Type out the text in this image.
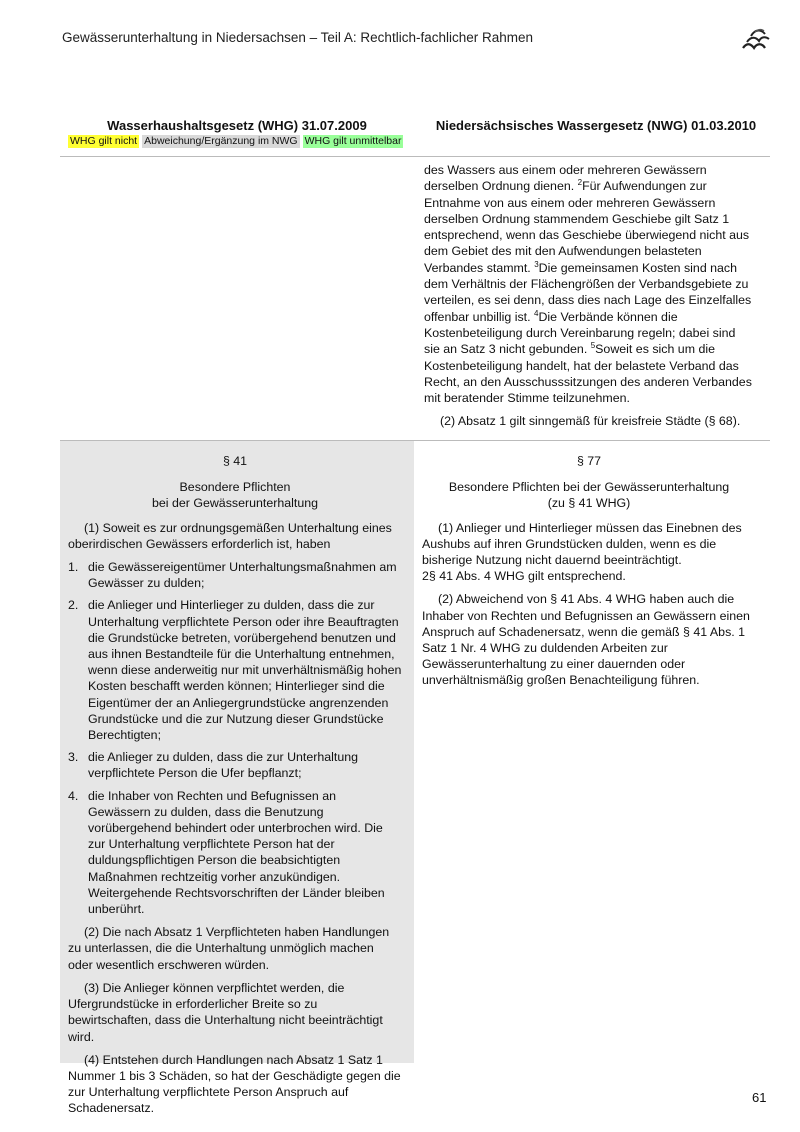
Gewässerunterhaltung in Niedersachsen – Teil A: Rechtlich-fachlicher Rahmen
Wasserhaushaltsgesetz (WHG) 31.07.2009	Niedersächsisches Wassergesetz (NWG) 01.03.2010
WHG gilt nicht Abweichung/Ergänzung im NWG WHG gilt unmittelbar

des Wassers aus einem oder mehreren Gewässern derselben Ordnung dienen. $^2$Für Aufwendungen zur Entnahme von aus einem oder mehreren Gewässern derselben Ordnung stammendem Geschiebe gilt Satz 1 entsprechend, wenn das Geschiebe überwiegend nicht aus dem Gebiet des mit den Aufwendungen belasteten Verbandes stammt. $^3$Die gemeinsamen Kosten sind nach dem Verhältnis der Flächengrößen der Verbandsgebiete zu verteilen, es sei denn, dass dies nach Lage des Einzelfalles offenbar unbillig ist. $^4$Die Verbände können die Kostenbeteiligung durch Vereinbarung regeln; dabei sind sie an Satz 3 nicht gebunden. $^5$Soweit es sich um die Kostenbeteiligung handelt, hat der belastete Verband das Recht, an den Ausschusssitzungen des anderen Verbandes mit beratender Stimme teilzunehmen.

(2) Absatz 1 gilt sinngemäß für kreisfreie Städte (§ 68).

§ 41
Besondere Pflichten
bei der Gewässerunterhaltung

(1) Soweit es zur ordnungsgemäßen Unterhaltung eines oberirdischen Gewässers erforderlich ist, haben

1. die Gewässereigentümer Unterhaltungsmaßnahmen am Gewässer zu dulden;
2. die Anlieger und Hinterlieger zu dulden, dass die zur Unterhaltung verpflichtete Person oder ihre Beauftragten die Grundstücke betreten, vorübergehend benutzen und aus ihnen Bestandteile für die Unterhaltung entnehmen, wenn diese anderweitig nur mit unverhältnismäßig hohen Kosten beschafft werden können; Hinterlieger sind die Eigentümer der an Anliegergrundstücke angrenzenden Grundstücke und die zur Nutzung dieser Grundstücke Berechtigten;
3. die Anlieger zu dulden, dass die zur Unterhaltung verpflichtete Person die Ufer bepflanzt;
4. die Inhaber von Rechten und Befugnissen an Gewässern zu dulden, dass die Benutzung vorübergehend behindert oder unterbrochen wird. Die zur Unterhaltung verpflichtete Person hat der duldungspflichtigen Person die beabsichtigten Maßnahmen rechtzeitig vorher anzukündigen. Weitergehende Rechtsvorschriften der Länder bleiben unberührt.

(2) Die nach Absatz 1 Verpflichteten haben Handlungen zu unterlassen, die die Unterhaltung unmöglich machen oder wesentlich erschweren würden.

(3) Die Anlieger können verpflichtet werden, die Ufergrundstücke in erforderlicher Breite so zu bewirtschaften, dass die Unterhaltung nicht beeinträchtigt wird.

(4) Entstehen durch Handlungen nach Absatz 1 Satz 1 Nummer 1 bis 3 Schäden, so hat der Geschädigte gegen die zur Unterhaltung verpflichtete Person Anspruch auf Schadenersatz.

§ 77
Besondere Pflichten bei der Gewässerunterhaltung
(zu § 41 WHG)

(1) Anlieger und Hinterlieger müssen das Einebnen des Aushubs auf ihren Grundstücken dulden, wenn es die bisherige Nutzung nicht dauernd beeinträchtigt.
2§ 41 Abs. 4 WHG gilt entsprechend.

(2) Abweichend von § 41 Abs. 4 WHG haben auch die Inhaber von Rechten und Befugnissen an Gewässern einen Anspruch auf Schadenersatz, wenn die gemäß § 41 Abs. 1 Satz 1 Nr. 4 WHG zu duldenden Arbeiten zur Gewässerunterhaltung zu einer dauernden oder unverhältnismäßig großen Benachteiligung führen.

61
